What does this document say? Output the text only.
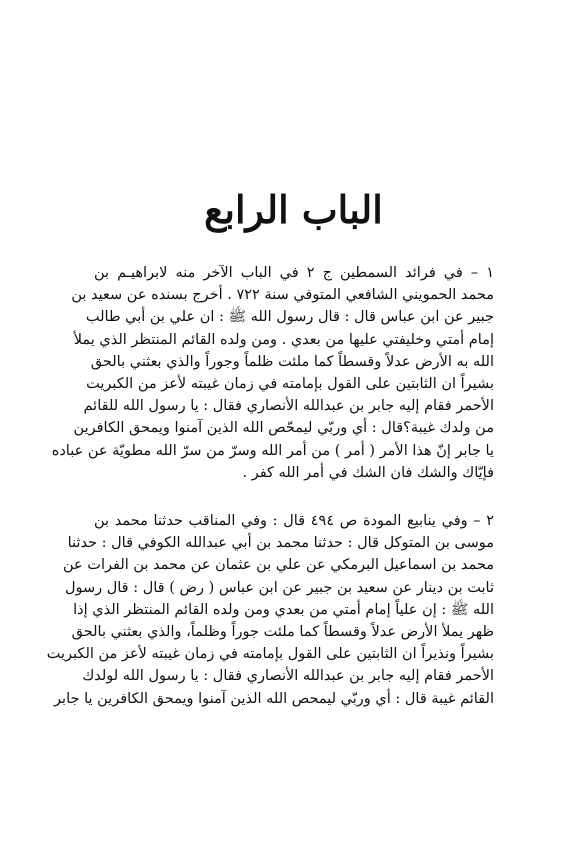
الباب الرابع
١ – في فرائد السمطين ج ٢ في الباب الآخر منه لابراهيـم بن
محمد الحمويني الشافعي المتوفي سنة ٧٢٢ . أخرج بسنده عن سعيد بن
جبير عن ابن عباس قال : قال رسول الله ﷺ : ان علي بن أبي طالب
إمام أمتي وخليفتي عليها من بعدي . ومن ولده القائم المنتظر الذي يملأ
الله به الأرض عدلاً وقسطاً كما ملئت ظلماً وجوراً والذي بعثني بالحق
بشيراً ان الثابتين على القول بإمامته في زمان غيبته لأعز من الكبريت
الأحمر فقام إليه جابر بن عبدالله الأنصاري فقال : يا رسول الله للقائم
من ولدك غيبة؟قال : أي وربّي ليمحّص الله الذين آمنوا ويمحق الكافرين
يا جابر إنّ هذا الأمر ( أمر ) من أمر الله وسرّ من سرّ الله مطويّة عن عباده
فإيّاك والشك فان الشك في أمر الله كفر .
٢ – وفي ينابيع المودة ص ٤٩٤ قال : وفي المناقب حدثنا محمد بن
موسى بن المتوكل قال : حدثنا محمد بن أبي عبدالله الكوفي قال : حدثنا
محمد بن اسماعيل البرمكي عن علي بن عثمان عن محمد بن الفرات عن
ثابت بن دينار عن سعيد بن جبير عن ابن عباس ( رض ) قال : قال رسول
الله ﷺ : إن علياً إمام أمتي من بعدي ومن ولده القائم المنتظر الذي إذا
ظهر يملأ الأرض عدلاً وقسطاً كما ملئت جوراً وظلماً، والذي بعثني بالحق
بشيراً ونذيراً ان الثابتين على القول بإمامته في زمان غيبته لأعز من الكبريت
الأحمر فقام إليه جابر بن عبدالله الأنصاري فقال : يا رسول الله لولدك
القائم غيبة قال : أي وربّي ليمحص الله الذين آمنوا ويمحق الكافرين يا جابر
